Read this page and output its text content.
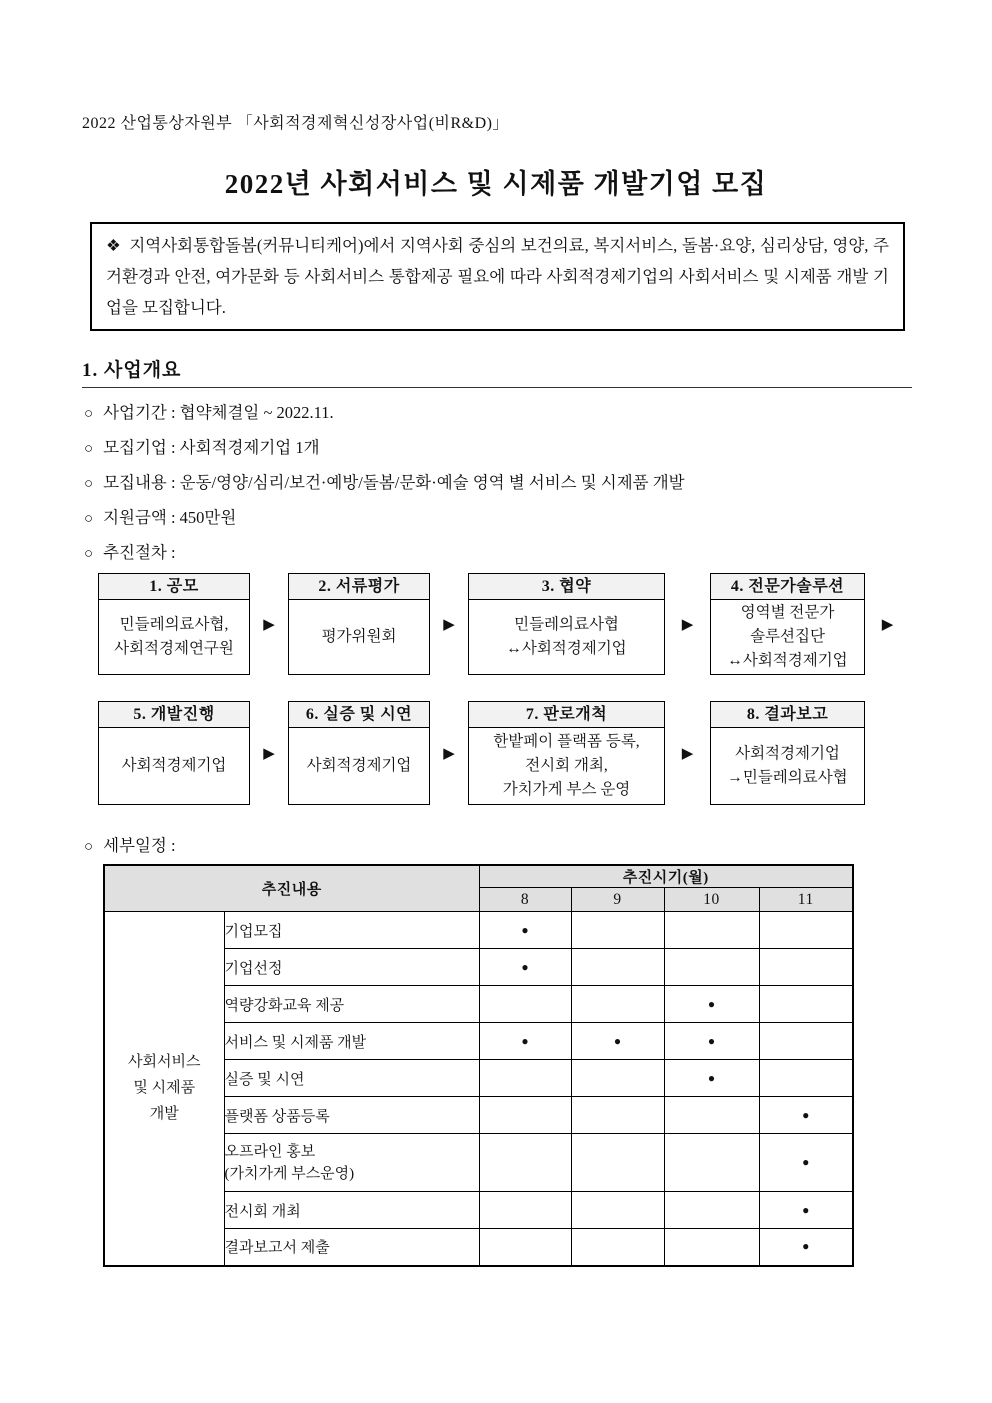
2022 산업통상자원부 「사회적경제혁신성장사업(비R&D)」
2022년 사회서비스 및 시제품 개발기업 모집
❖ 지역사회통합돌봄(커뮤니티케어)에서 지역사회 중심의 보건의료, 복지서비스, 돌봄·요양, 심리상담, 영양, 주거환경과 안전, 여가문화 등 사회서비스 통합제공 필요에 따라 사회적경제기업의 사회서비스 및 시제품 개발 기업을 모집합니다.
1. 사업개요
○ 사업기간 : 협약체결일 ~ 2022.11.
○ 모집기업 : 사회적경제기업 1개
○ 모집내용 : 운동/영양/심리/보건·예방/돌봄/문화·예술 영역 별 서비스 및 시제품 개발
○ 지원금액 : 450만원
○ 추진절차 :
1. 공모
민들레의료사협,
사회적경제연구원
▶
2. 서류평가
평가위원회
▶
3. 협약
민들레의료사협
↔사회적경제기업
▶
4. 전문가솔루션
영역별 전문가
솔루션집단
↔사회적경제기업
▶
5. 개발진행
사회적경제기업
▶
6. 실증 및 시연
사회적경제기업
▶
7. 판로개척
한밭페이 플랙폼 등록,
전시회 개최,
가치가게 부스 운영
▶
8. 결과보고
사회적경제기업
→민들레의료사협
○ 세부일정 :
추진내용		추진시기(월)			
		8	9	10	11

사회서비스
및 시제품
개발	기업모집	●			
	기업선정	●			
	역량강화교육 제공			●	
	서비스 및 시제품 개발	●	●	●	
	실증 및 시연			●	
	플랫폼 상품등록				●

	오프라인 홍보
(가치가게 부스운영)				●
	전시회 개최				●
	결과보고서 제출				●
